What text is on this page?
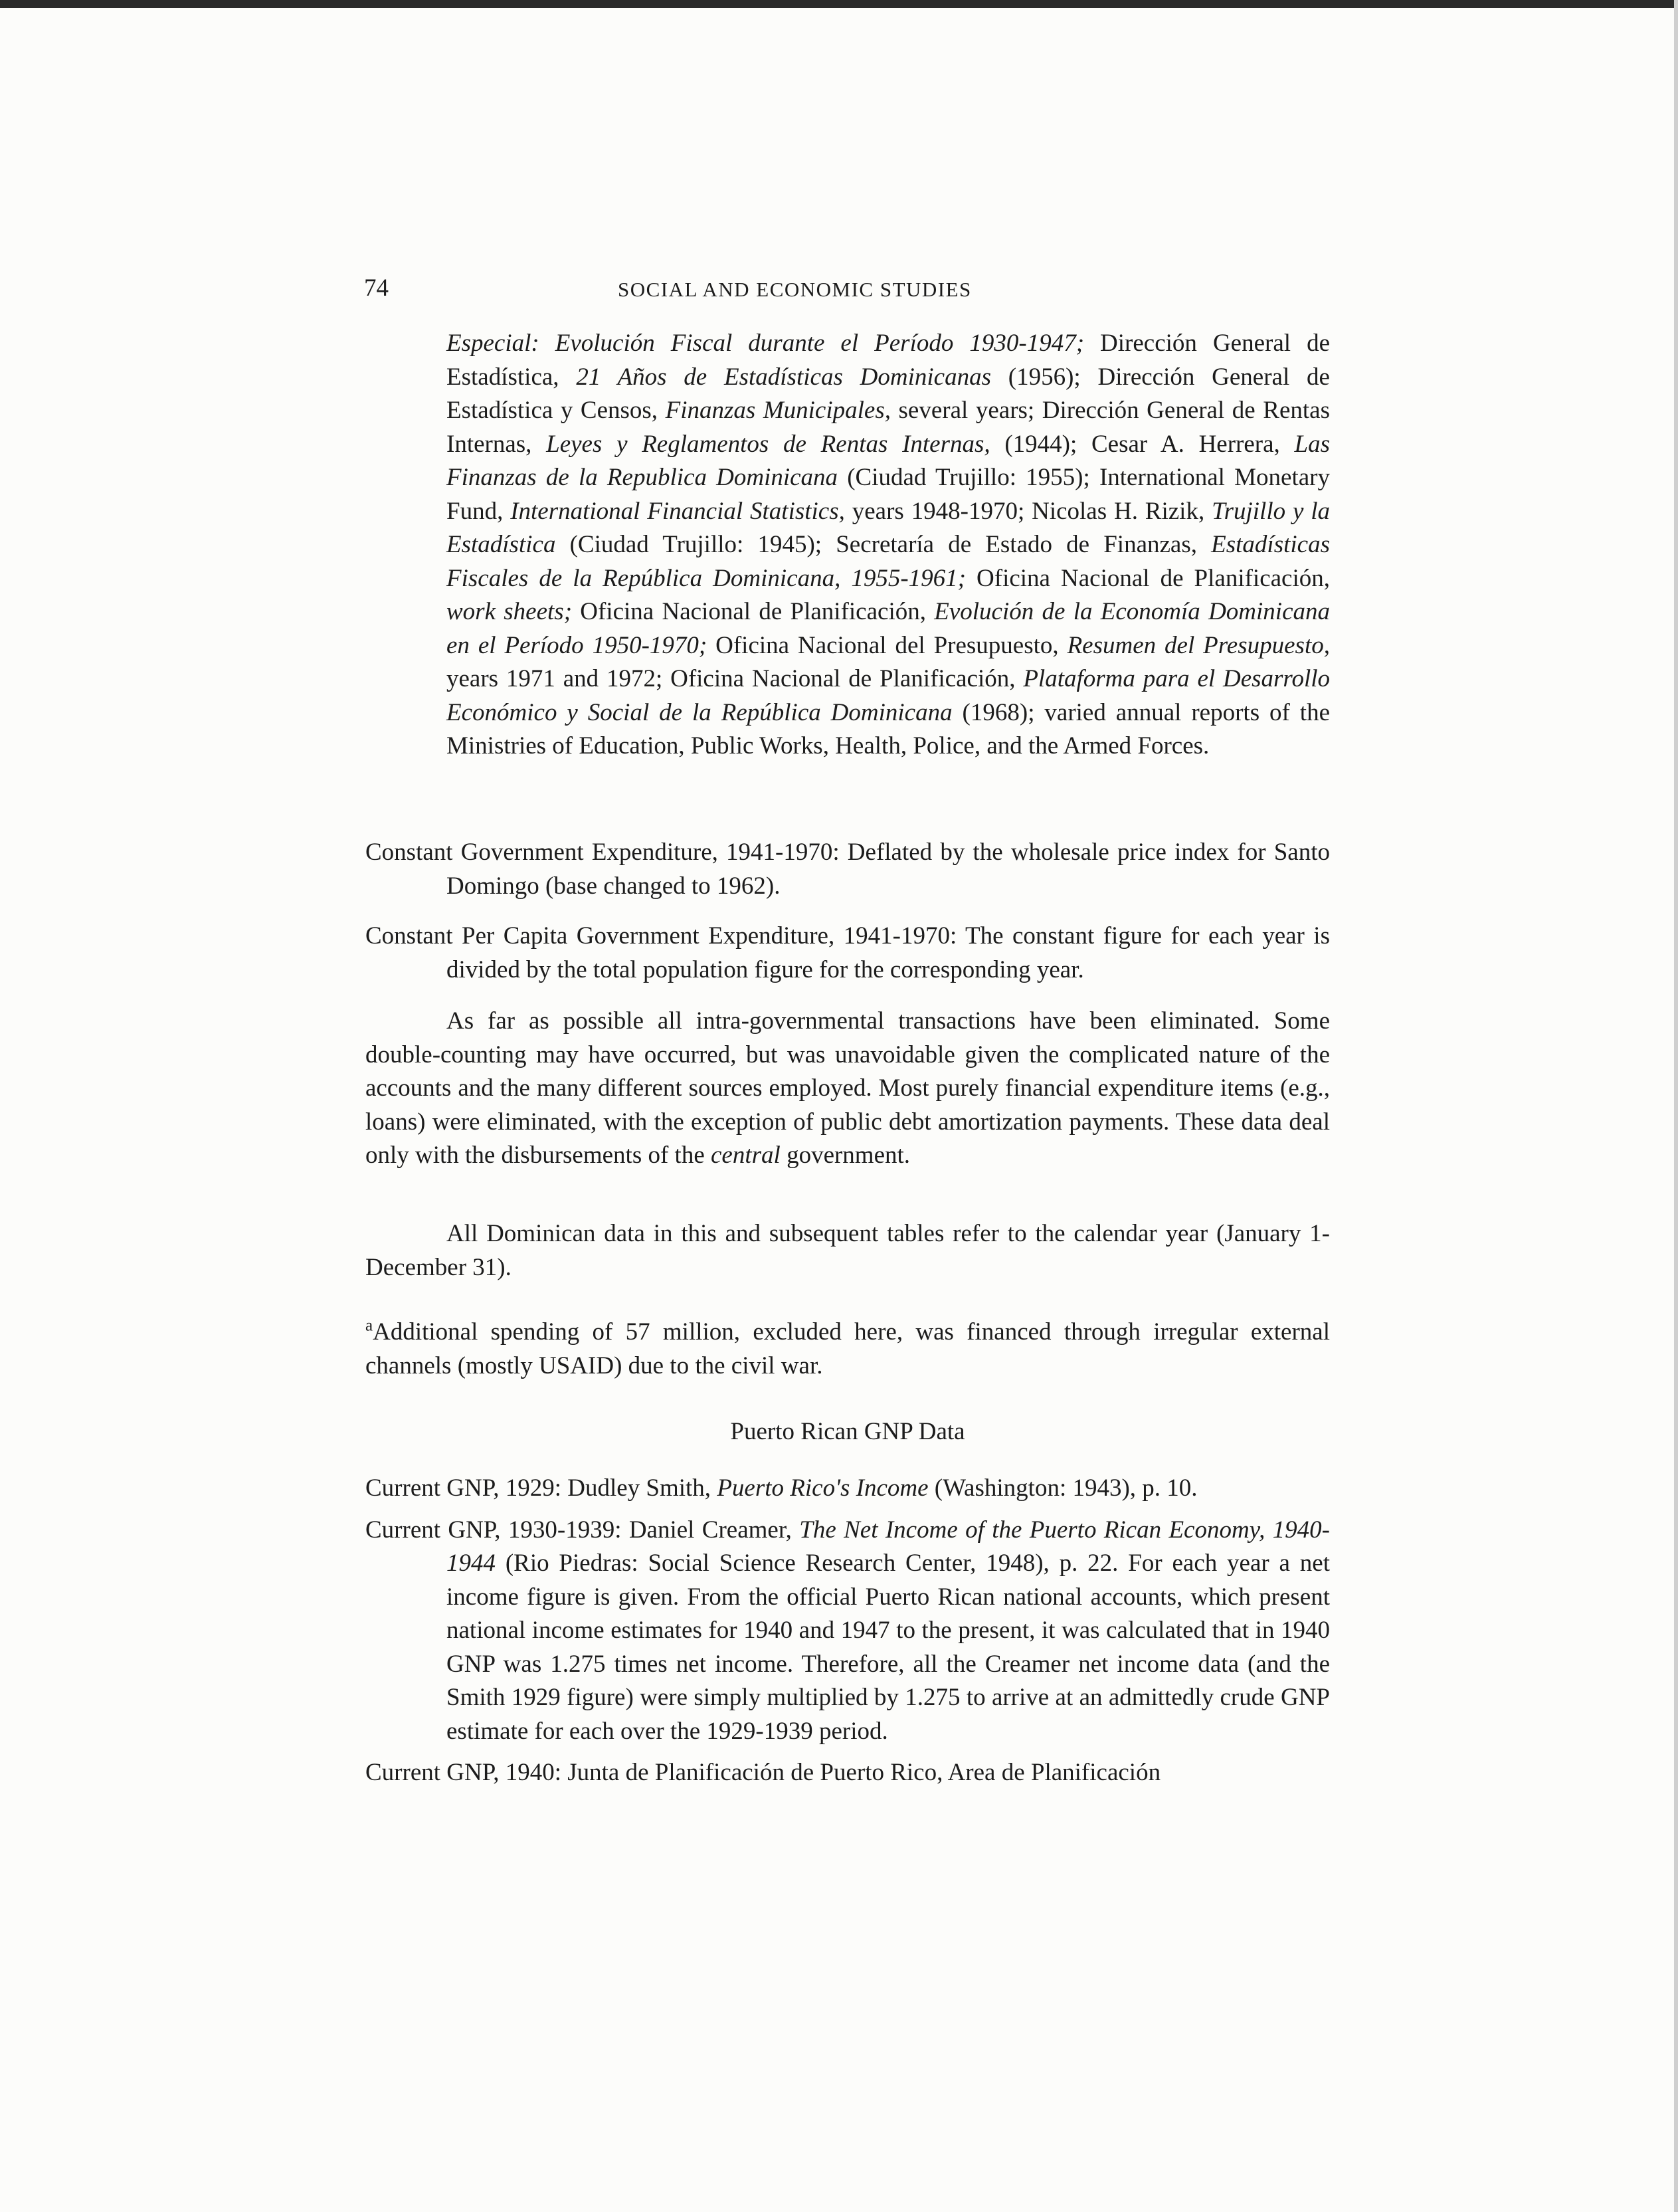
74	SOCIAL AND ECONOMIC STUDIES

Especial: Evolución Fiscal durante el Período 1930-1947; Dirección General de Estadística, 21 Años de Estadísticas Dominicanas (1956); Dirección General de Estadística y Censos, Finanzas Municipales, several years; Dirección General de Rentas Internas, Leyes y Reglamentos de Rentas Internas, (1944); Cesar A. Herrera, Las Finanzas de la Republica Dominicana (Ciudad Trujillo: 1955); International Monetary Fund, International Financial Statistics, years 1948-1970; Nicolas H. Rizik, Trujillo y la Estadística (Ciudad Trujillo: 1945); Secretaría de Estado de Finanzas, Estadísticas Fiscales de la República Dominicana, 1955-1961; Oficina Nacional de Planificación, work sheets; Oficina Nacional de Planificación, Evolución de la Economía Dominicana en el Período 1950-1970; Oficina Nacional del Presupuesto, Resumen del Presupuesto, years 1971 and 1972; Oficina Nacional de Planificación, Plataforma para el Desarrollo Económico y Social de la República Dominicana (1968); varied annual reports of the Ministries of Education, Public Works, Health, Police, and the Armed Forces.

Constant Government Expenditure, 1941-1970: Deflated by the wholesale price index for Santo Domingo (base changed to 1962).

Constant Per Capita Government Expenditure, 1941-1970: The constant figure for each year is divided by the total population figure for the corresponding year.

As far as possible all intra-governmental transactions have been eliminated. Some double-counting may have occurred, but was unavoidable given the complicated nature of the accounts and the many different sources employed. Most purely financial expenditure items (e.g., loans) were eliminated, with the exception of public debt amortization payments. These data deal only with the disbursements of the central government.

All Dominican data in this and subsequent tables refer to the calendar year (January 1-December 31).

$^a$Additional spending of 57 million, excluded here, was financed through irregular external channels (mostly USAID) due to the civil war.

Puerto Rican GNP Data

Current GNP, 1929: Dudley Smith, Puerto Rico's Income (Washington: 1943), p. 10.

Current GNP, 1930-1939: Daniel Creamer, The Net Income of the Puerto Rican Economy, 1940-1944 (Rio Piedras: Social Science Research Center, 1948), p. 22. For each year a net income figure is given. From the official Puerto Rican national accounts, which present national income estimates for 1940 and 1947 to the present, it was calculated that in 1940 GNP was 1.275 times net income. Therefore, all the Creamer net income data (and the Smith 1929 figure) were simply multiplied by 1.275 to arrive at an admittedly crude GNP estimate for each over the 1929-1939 period.

Current GNP, 1940: Junta de Planificación de Puerto Rico, Area de Planificación
